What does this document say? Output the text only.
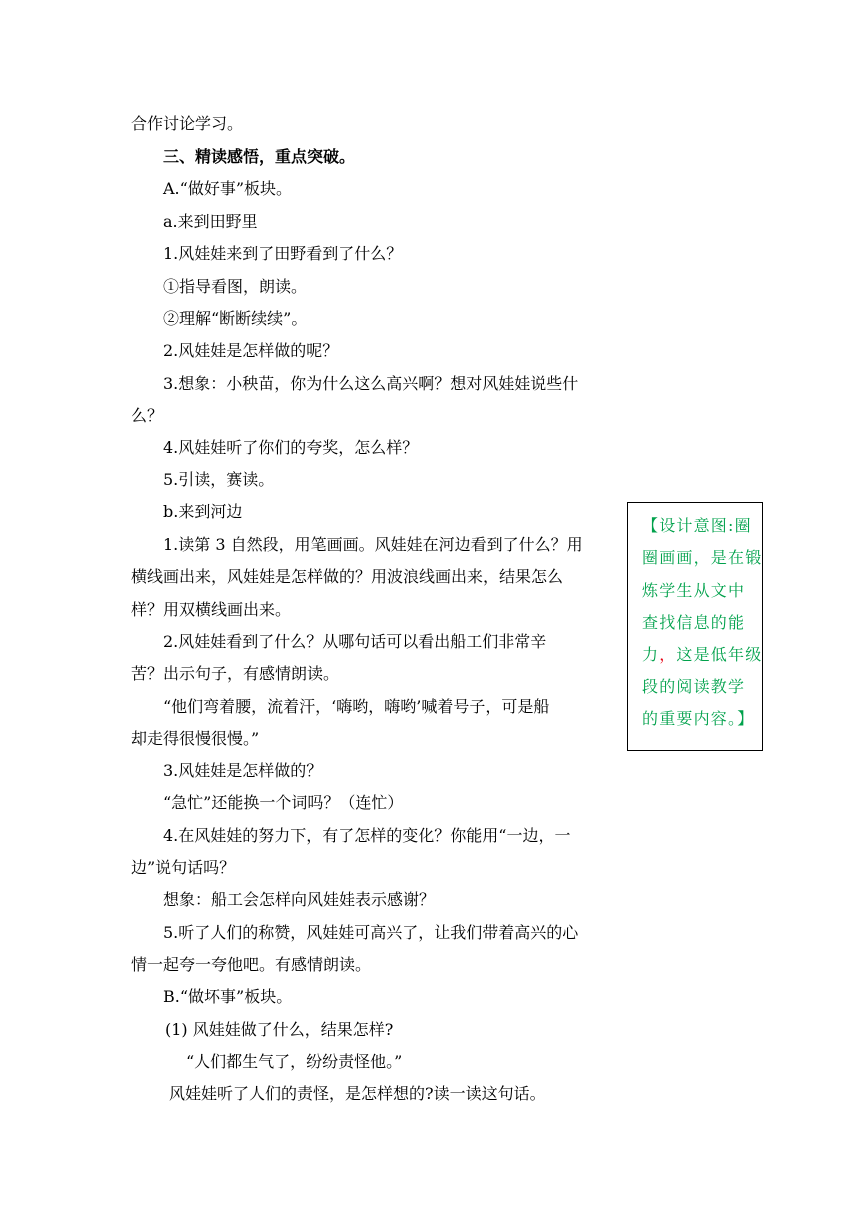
合作讨论学习。
三、精读感悟，重点突破。
A.“做好事”板块。
a.来到田野里
1.风娃娃来到了田野看到了什么？
①指导看图，朗读。
②理解“断断续续”。
2.风娃娃是怎样做的呢？
3.想象：小秧苗，你为什么这么高兴啊？想对风娃娃说些什
么？
4.风娃娃听了你们的夸奖，怎么样？
5.引读，赛读。
b.来到河边
1.读第 3 自然段，用笔画画。风娃娃在河边看到了什么？用
横线画出来，风娃娃是怎样做的？用波浪线画出来，结果怎么
样？用双横线画出来。
2.风娃娃看到了什么？从哪句话可以看出船工们非常辛
苦？出示句子，有感情朗读。
“他们弯着腰，流着汗，‘嗨哟，嗨哟’喊着号子，可是船
却走得很慢很慢。”
3.风娃娃是怎样做的？
“急忙”还能换一个词吗？（连忙）
4.在风娃娃的努力下，有了怎样的变化？你能用“一边，一
边”说句话吗？
想象：船工会怎样向风娃娃表示感谢？
5.听了人们的称赞，风娃娃可高兴了，让我们带着高兴的心
情一起夸一夸他吧。有感情朗读。
B.“做坏事”板块。
(1) 风娃娃做了什么，结果怎样?
“人们都生气了，纷纷责怪他。”
风娃娃听了人们的责怪，是怎样想的?读一读这句话。
【设计意图:圈
圈画画，是在锻
炼学生从文中
查找信息的能
力，这是低年级
段的阅读教学
的重要内容。】
